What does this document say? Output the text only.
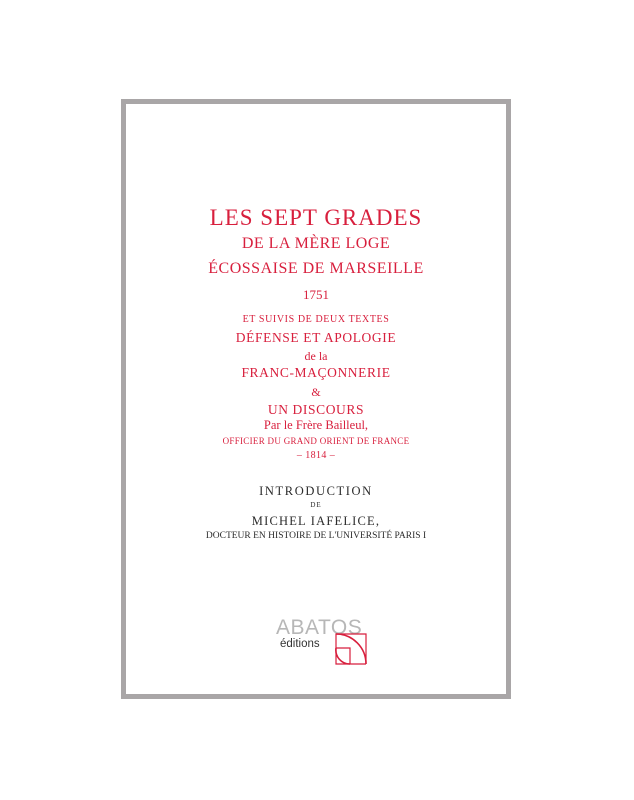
LES SEPT GRADES
DE LA MÈRE LOGE
ÉCOSSAISE DE MARSEILLE
1751
ET SUIVIS DE DEUX TEXTES
DÉFENSE ET APOLOGIE
de la
FRANC-MAÇONNERIE
&
UN DISCOURS
Par le Frère Bailleul,
OFFICIER DU GRAND ORIENT DE FRANCE
– 1814 –
INTRODUCTION
DE
MICHEL IAFELICE,
DOCTEUR EN HISTOIRE DE L'UNIVERSITÉ PARIS I
ABATOS
éditions
